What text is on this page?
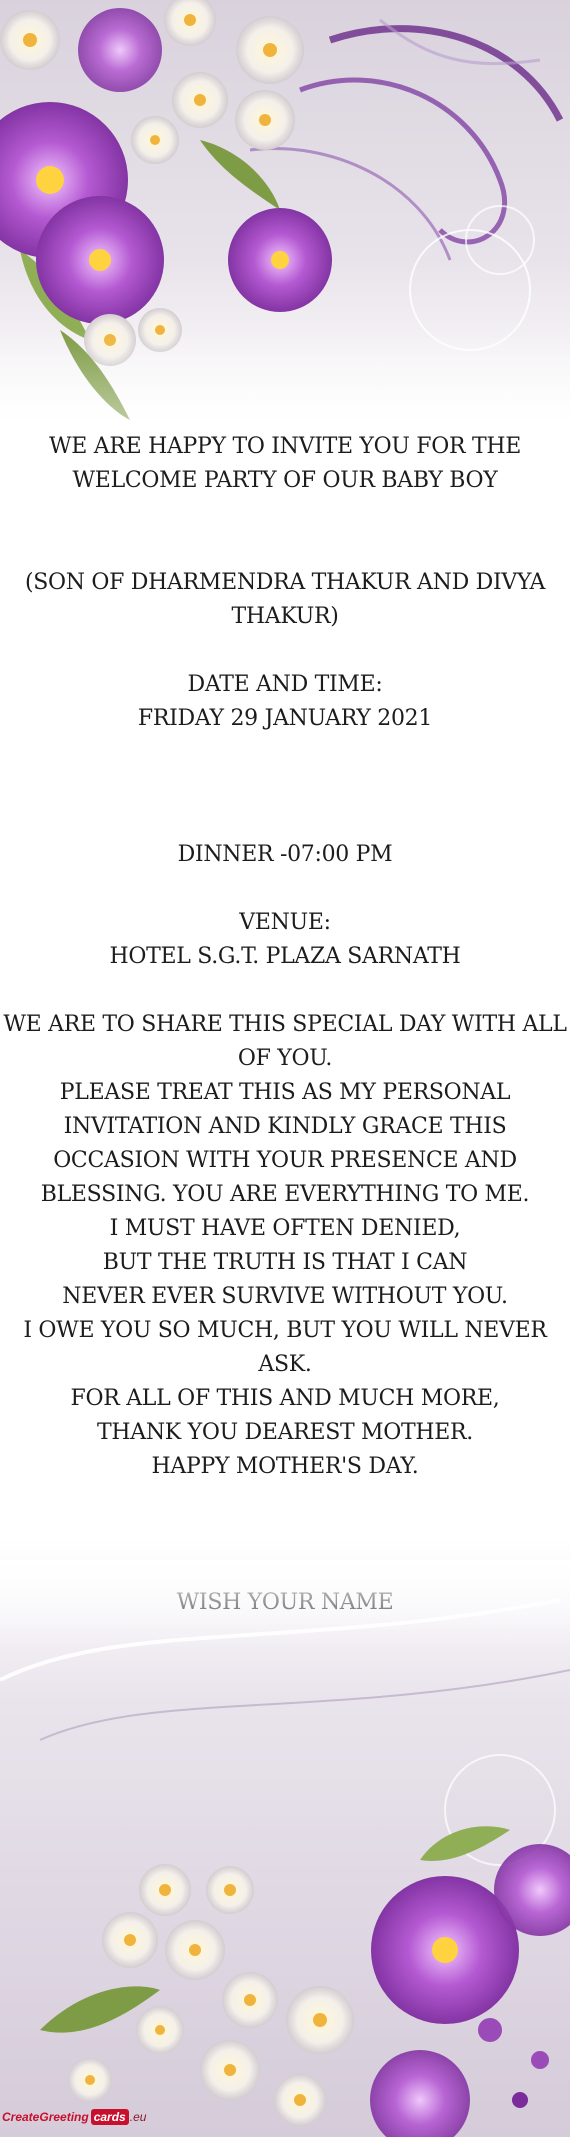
WE ARE HAPPY TO INVITE YOU FOR THE

WELCOME PARTY OF OUR BABY BOY

(SON OF DHARMENDRA THAKUR AND DIVYA

THAKUR)

DATE AND TIME:

FRIDAY 29 JANUARY 2021

DINNER -07:00 PM

VENUE:

HOTEL S.G.T. PLAZA SARNATH

WE ARE TO SHARE THIS SPECIAL DAY WITH ALL

OF YOU.

PLEASE TREAT THIS AS MY PERSONAL

INVITATION AND KINDLY GRACE THIS

OCCASION WITH YOUR PRESENCE AND

BLESSING. YOU ARE EVERYTHING TO ME.

I MUST HAVE OFTEN DENIED,

BUT THE TRUTH IS THAT I CAN

NEVER EVER SURVIVE WITHOUT YOU.

I OWE YOU SO MUCH, BUT YOU WILL NEVER

ASK.

FOR ALL OF THIS AND MUCH MORE,

THANK YOU DEAREST MOTHER.

HAPPY MOTHER'S DAY.

CreateGreeting cards .eu
